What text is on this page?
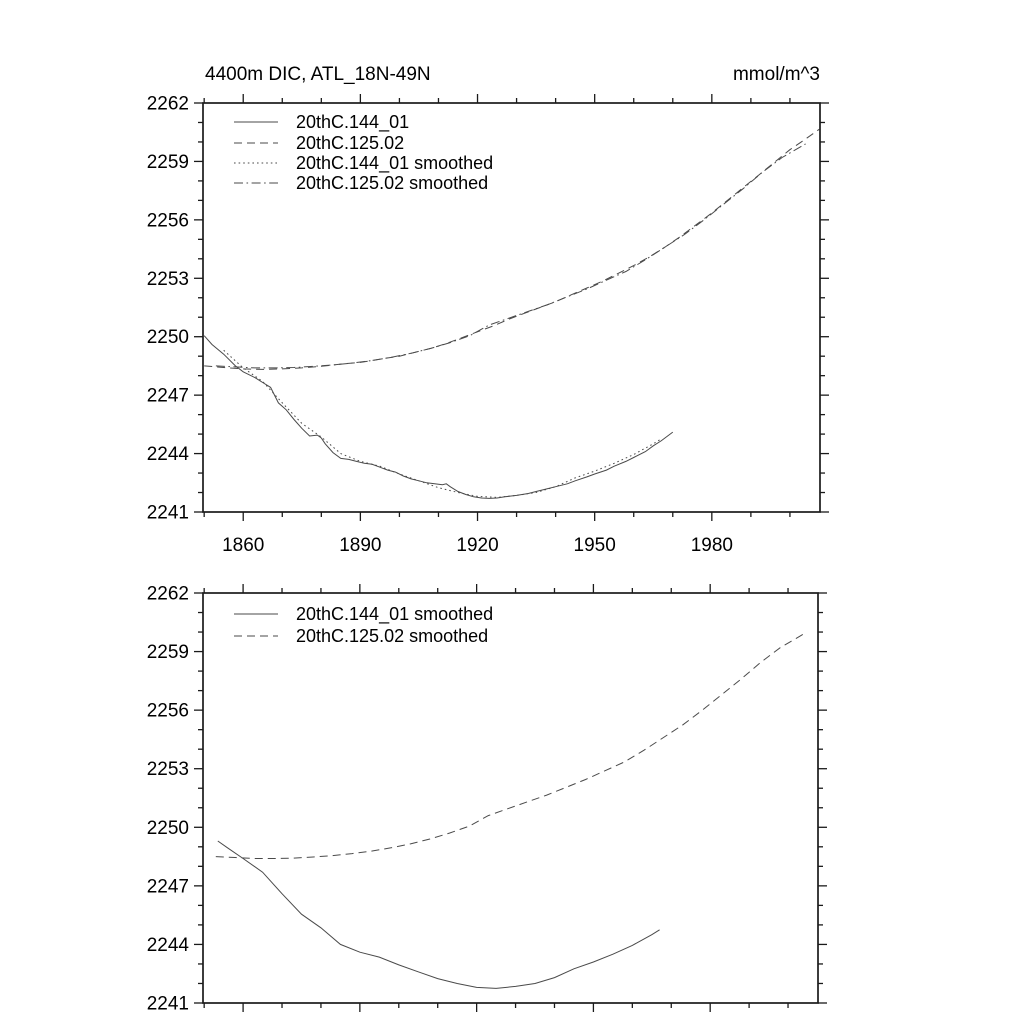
4400m DIC, ATL_18N-49N	mmol/m^3
2241
2244
2247
2250
2253
2256
2259
2262
1860	1890	1920	1950	1980
20thC.144_01
20thC.125.02
20thC.144_01 smoothed
20thC.125.02 smoothed
2241
2244
2247
2250
2253
2256
2259
2262
20thC.144_01 smoothed
20thC.125.02 smoothed
